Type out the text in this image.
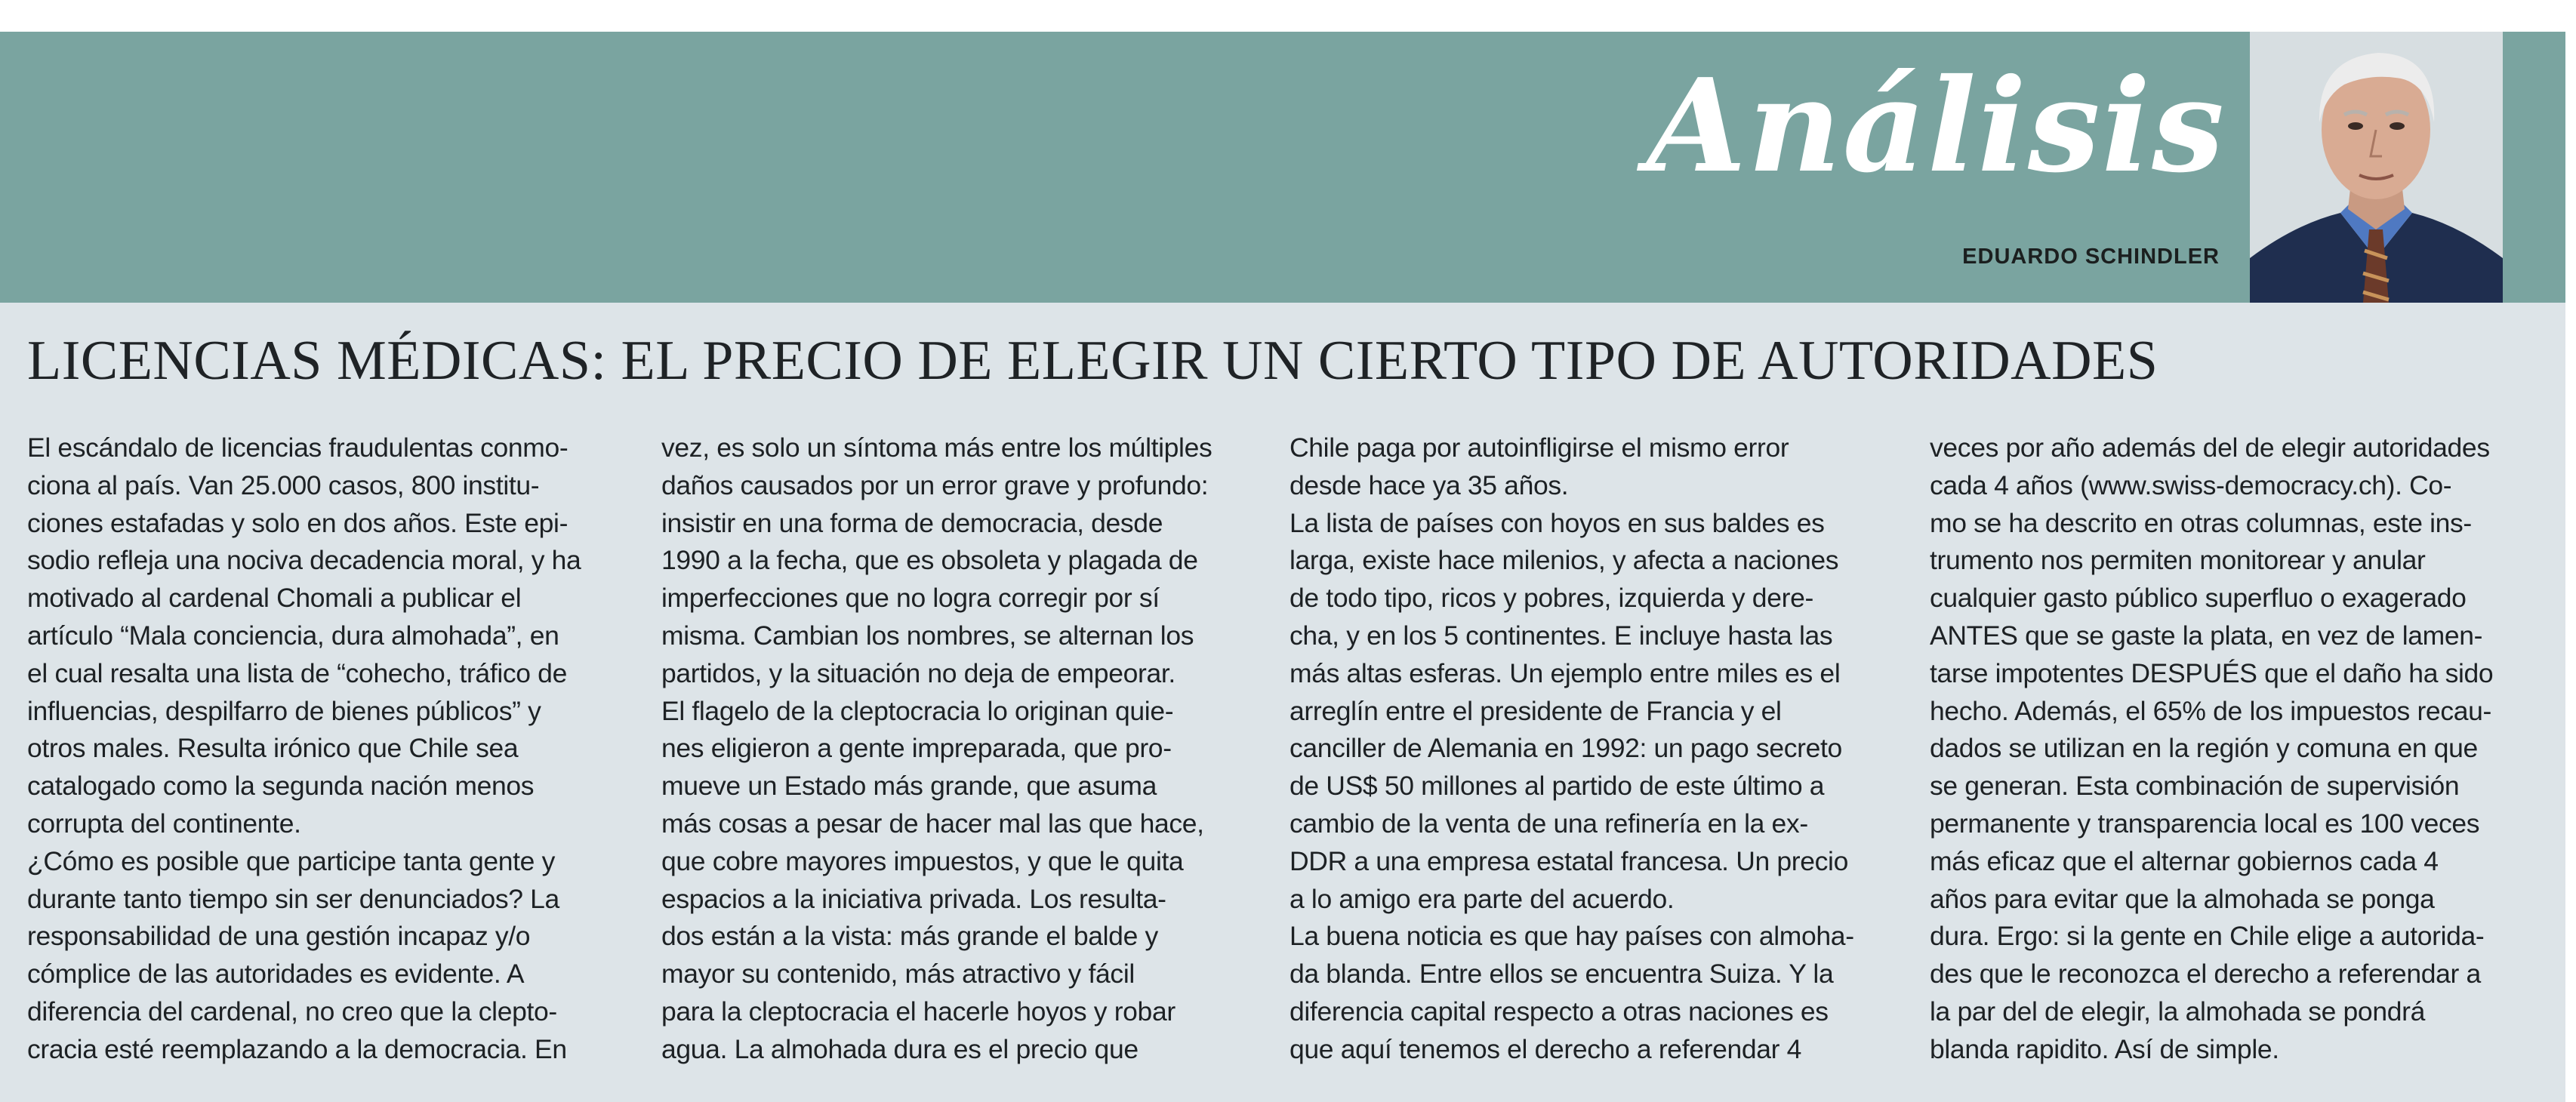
Análisis
EDUARDO SCHINDLER
LICENCIAS MÉDICAS: EL PRECIO DE ELEGIR UN CIERTO TIPO DE AUTORIDADES
El escándalo de licencias fraudulentas conmo-
ciona al país. Van 25.000 casos, 800 institu-
ciones estafadas y solo en dos años. Este epi-
sodio refleja una nociva decadencia moral, y ha
motivado al cardenal Chomali a publicar el
artículo “Mala conciencia, dura almohada”, en
el cual resalta una lista de “cohecho, tráfico de
influencias, despilfarro de bienes públicos” y
otros males. Resulta irónico que Chile sea
catalogado como la segunda nación menos
corrupta del continente.
¿Cómo es posible que participe tanta gente y
durante tanto tiempo sin ser denunciados? La
responsabilidad de una gestión incapaz y/o
cómplice de las autoridades es evidente. A
diferencia del cardenal, no creo que la clepto-
cracia esté reemplazando a la democracia. En
vez, es solo un síntoma más entre los múltiples
daños causados por un error grave y profundo:
insistir en una forma de democracia, desde
1990 a la fecha, que es obsoleta y plagada de
imperfecciones que no logra corregir por sí
misma. Cambian los nombres, se alternan los
partidos, y la situación no deja de empeorar.
El flagelo de la cleptocracia lo originan quie-
nes eligieron a gente impreparada, que pro-
mueve un Estado más grande, que asuma
más cosas a pesar de hacer mal las que hace,
que cobre mayores impuestos, y que le quita
espacios a la iniciativa privada. Los resulta-
dos están a la vista: más grande el balde y
mayor su contenido, más atractivo y fácil
para la cleptocracia el hacerle hoyos y robar
agua. La almohada dura es el precio que
Chile paga por autoinfligirse el mismo error
desde hace ya 35 años.
La lista de países con hoyos en sus baldes es
larga, existe hace milenios, y afecta a naciones
de todo tipo, ricos y pobres, izquierda y dere-
cha, y en los 5 continentes. E incluye hasta las
más altas esferas. Un ejemplo entre miles es el
arreglín entre el presidente de Francia y el
canciller de Alemania en 1992: un pago secreto
de US$ 50 millones al partido de este último a
cambio de la venta de una refinería en la ex-
DDR a una empresa estatal francesa. Un precio
a lo amigo era parte del acuerdo.
La buena noticia es que hay países con almoha-
da blanda. Entre ellos se encuentra Suiza. Y la
diferencia capital respecto a otras naciones es
que aquí tenemos el derecho a referendar 4
veces por año además del de elegir autoridades
cada 4 años (www.swiss-democracy.ch). Co-
mo se ha descrito en otras columnas, este ins-
trumento nos permiten monitorear y anular
cualquier gasto público superfluo o exagerado
ANTES que se gaste la plata, en vez de lamen-
tarse impotentes DESPUÉS que el daño ha sido
hecho. Además, el 65% de los impuestos recau-
dados se utilizan en la región y comuna en que
se generan. Esta combinación de supervisión
permanente y transparencia local es 100 veces
más eficaz que el alternar gobiernos cada 4
años para evitar que la almohada se ponga
dura. Ergo: si la gente en Chile elige a autorida-
des que le reconozca el derecho a referendar a
la par del de elegir, la almohada se pondrá
blanda rapidito. Así de simple.
